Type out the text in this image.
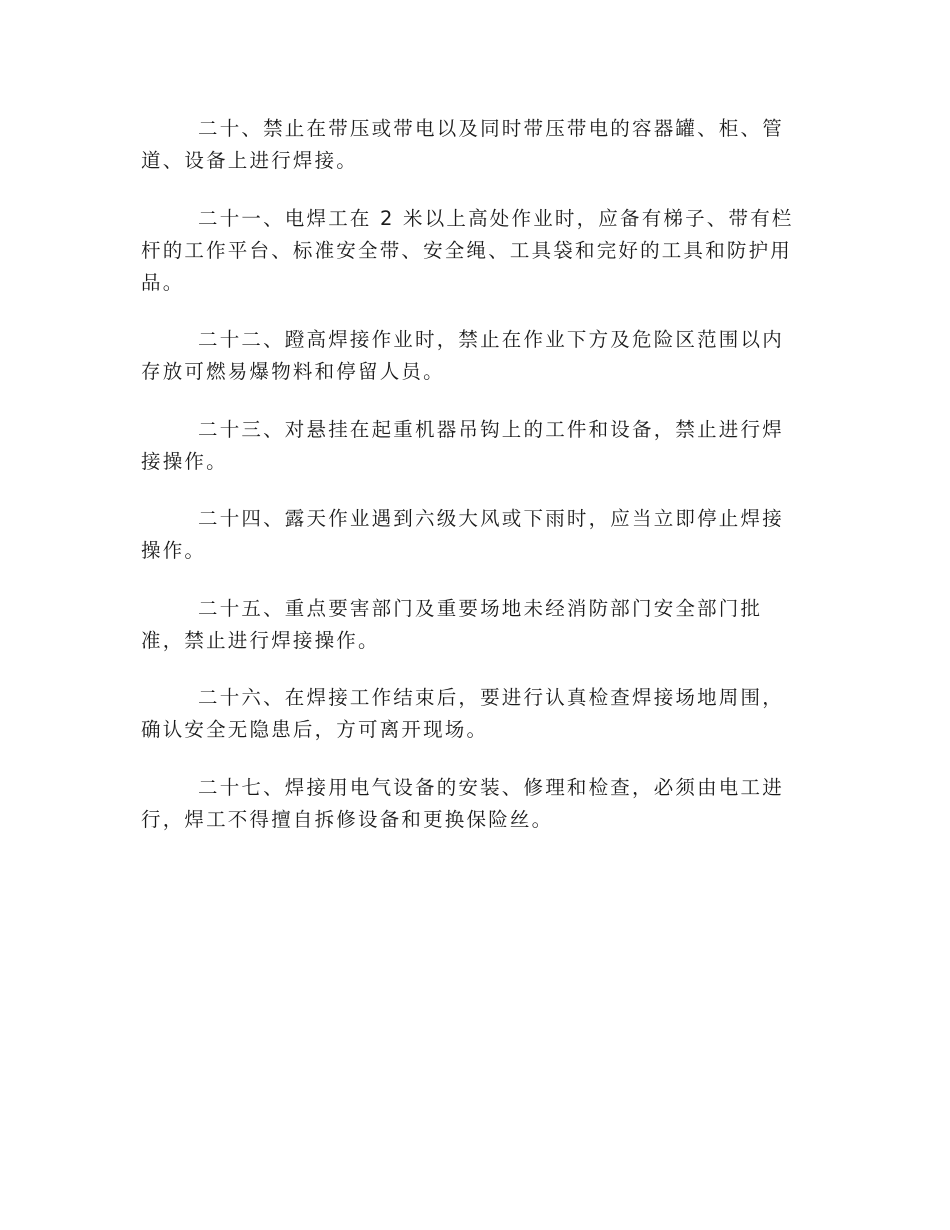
二十、禁止在带压或带电以及同时带压带电的容器罐、柜、管道、设备上进行焊接。

二十一、电焊工在 2 米以上高处作业时，应备有梯子、带有栏杆的工作平台、标准安全带、安全绳、工具袋和完好的工具和防护用品。

二十二、蹬高焊接作业时，禁止在作业下方及危险区范围以内存放可燃易爆物料和停留人员。

二十三、对悬挂在起重机器吊钩上的工件和设备，禁止进行焊接操作。

二十四、露天作业遇到六级大风或下雨时，应当立即停止焊接操作。

二十五、重点要害部门及重要场地未经消防部门安全部门批准，禁止进行焊接操作。

二十六、在焊接工作结束后，要进行认真检查焊接场地周围，确认安全无隐患后，方可离开现场。

二十七、焊接用电气设备的安装、修理和检查，必须由电工进行，焊工不得擅自拆修设备和更换保险丝。
